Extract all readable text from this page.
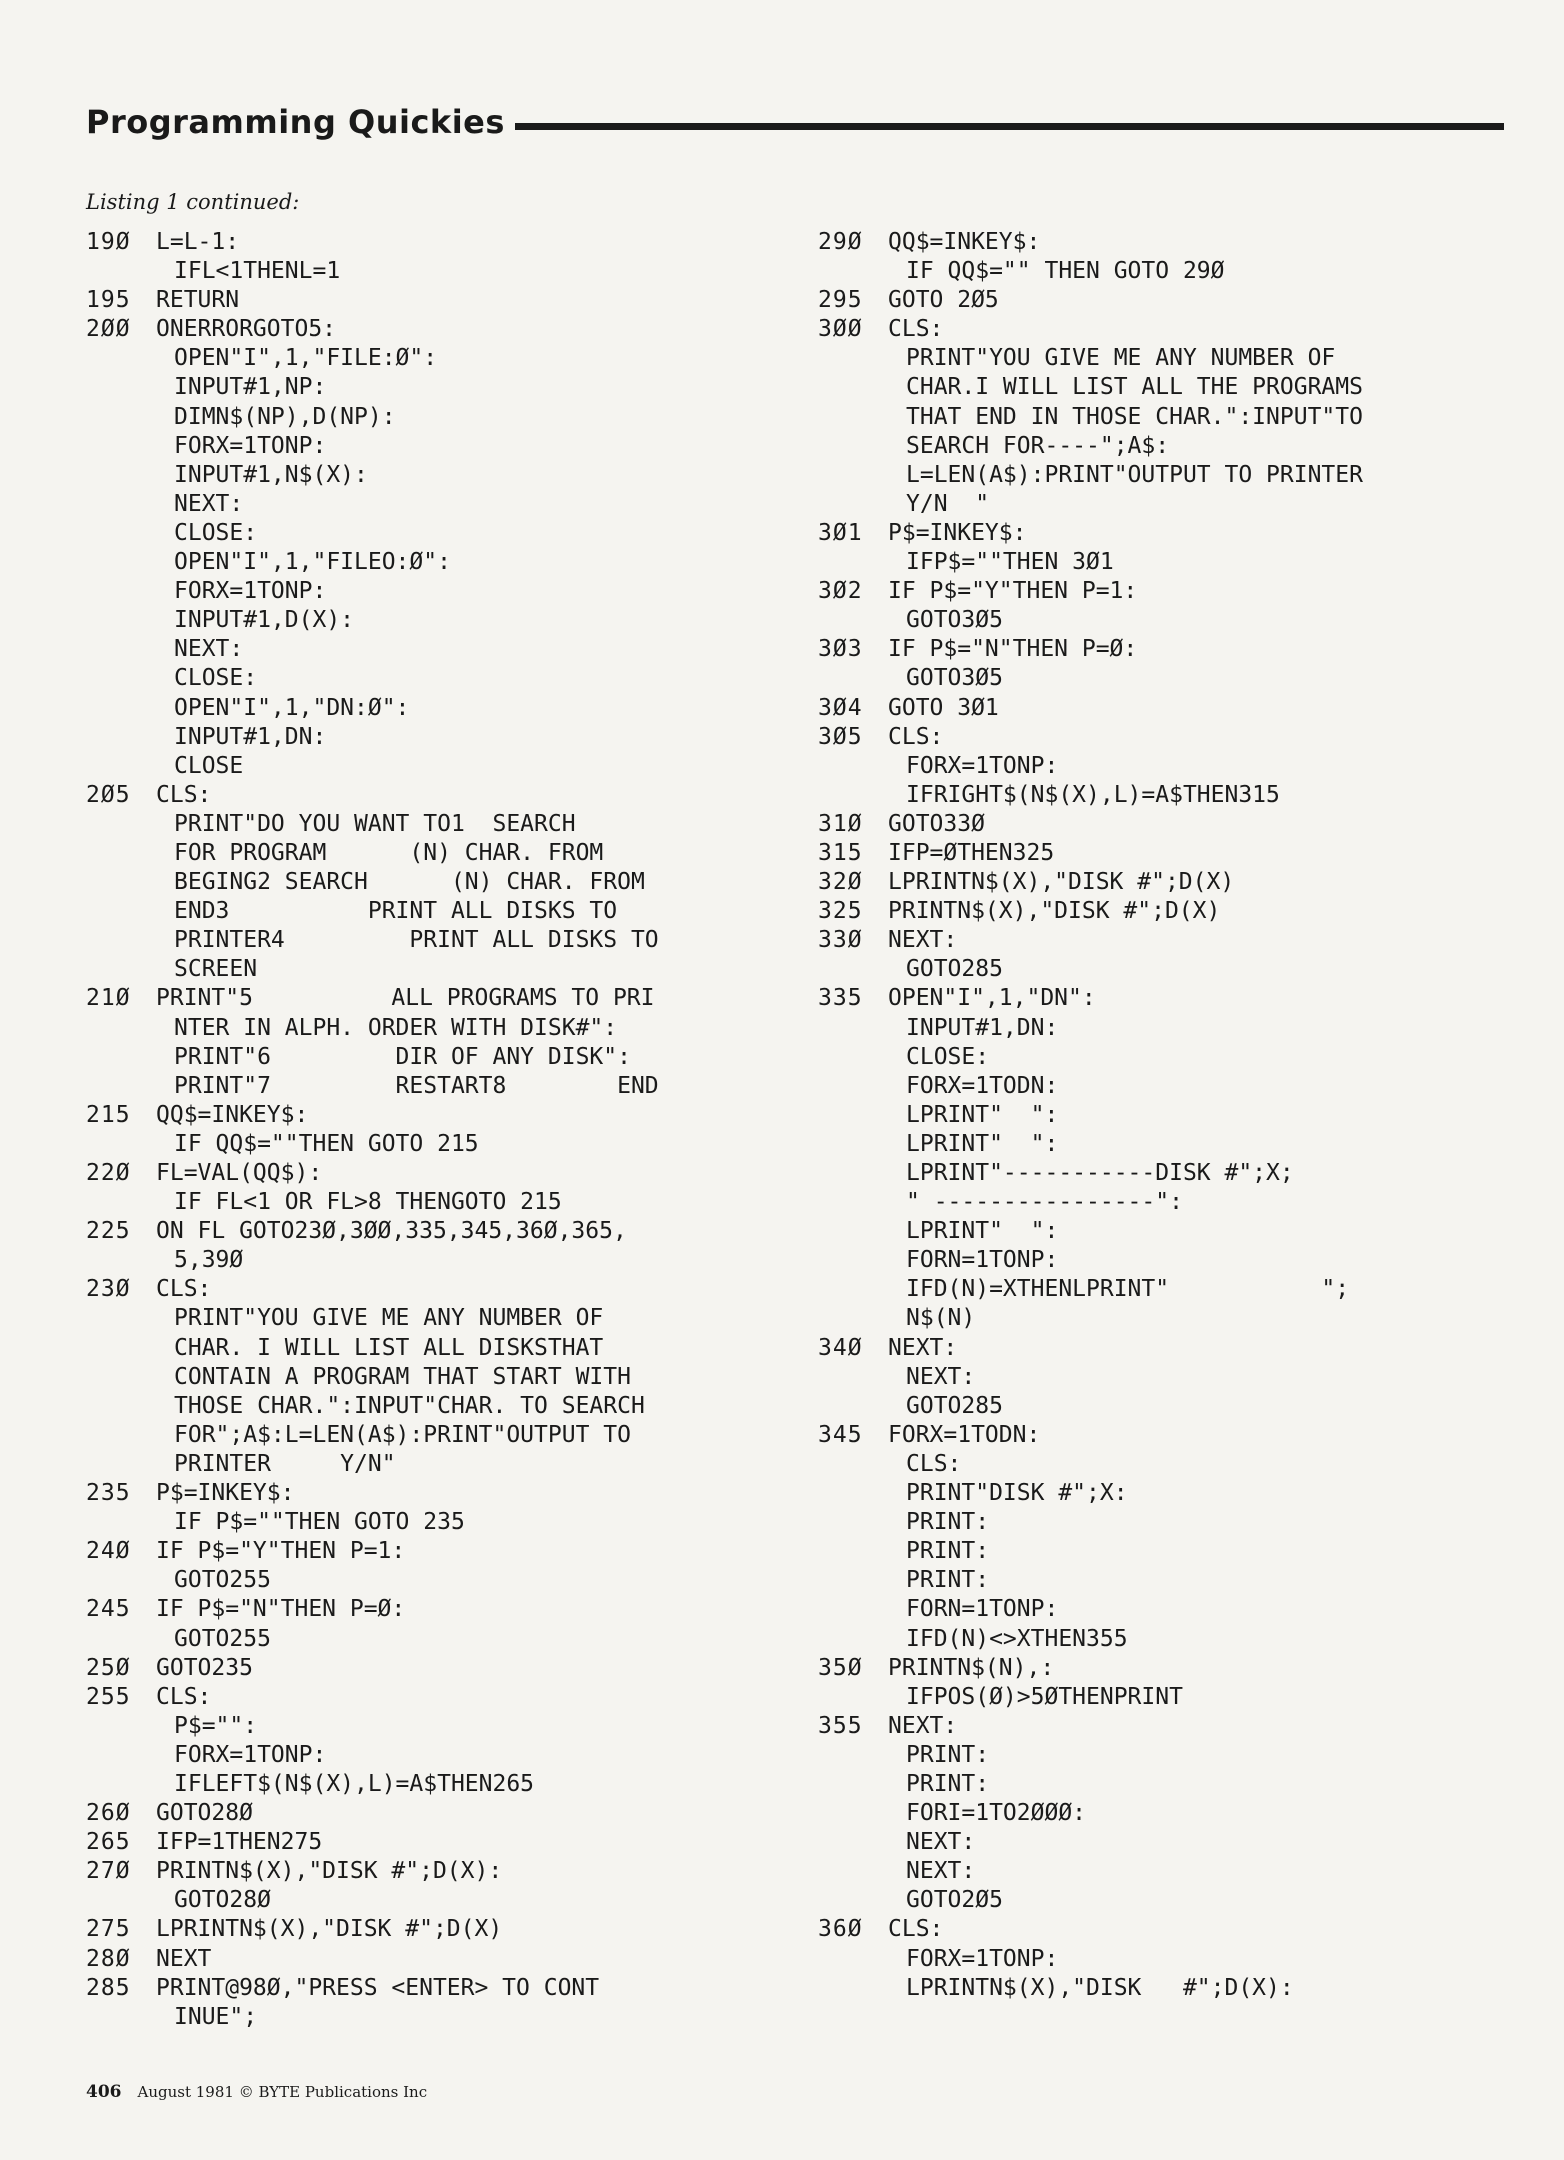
Programming Quickies
Listing 1 continued:
19Ø	L=L-1:
IFL<1THENL=1
195	RETURN
2ØØ	ONERRORGOTO5:
OPEN"I",1,"FILE:Ø":
INPUT#1,NP:
DIMN$(NP),D(NP):
FORX=1TONP:
INPUT#1,N$(X):
NEXT:
CLOSE:
OPEN"I",1,"FILEO:Ø":
FORX=1TONP:
INPUT#1,D(X):
NEXT:
CLOSE:
OPEN"I",1,"DN:Ø":
INPUT#1,DN:
CLOSE
2Ø5	CLS:
PRINT"DO YOU WANT TO1  SEARCH
FOR PROGRAM      (N) CHAR. FROM
BEGING2 SEARCH      (N) CHAR. FROM
END3          PRINT ALL DISKS TO
PRINTER4         PRINT ALL DISKS TO
SCREEN
21Ø	PRINT"5          ALL PROGRAMS TO PRI
NTER IN ALPH. ORDER WITH DISK#":
PRINT"6         DIR OF ANY DISK":
PRINT"7         RESTART8        END
215	QQ$=INKEY$:
IF QQ$=""THEN GOTO 215
22Ø	FL=VAL(QQ$):
IF FL<1 OR FL>8 THENGOTO 215
225	ON FL GOTO23Ø,3ØØ,335,345,36Ø,365,
5,39Ø
23Ø	CLS:
PRINT"YOU GIVE ME ANY NUMBER OF
CHAR. I WILL LIST ALL DISKSTHAT
CONTAIN A PROGRAM THAT START WITH
THOSE CHAR.":INPUT"CHAR. TO SEARCH
FOR";A$:L=LEN(A$):PRINT"OUTPUT TO
PRINTER     Y/N"
235	P$=INKEY$:
IF P$=""THEN GOTO 235
24Ø	IF P$="Y"THEN P=1:
GOTO255
245	IF P$="N"THEN P=Ø:
GOTO255
25Ø	GOTO235
255	CLS:
P$="":
FORX=1TONP:
IFLEFT$(N$(X),L)=A$THEN265
26Ø	GOTO28Ø
265	IFP=1THEN275
27Ø	PRINTN$(X),"DISK #";D(X):
GOTO28Ø
275	LPRINTN$(X),"DISK #";D(X)
28Ø	NEXT
285	PRINT@98Ø,"PRESS <ENTER> TO CONT
INUE";
29Ø	QQ$=INKEY$:
IF QQ$="" THEN GOTO 29Ø
295	GOTO 2Ø5
3ØØ	CLS:
PRINT"YOU GIVE ME ANY NUMBER OF
CHAR.I WILL LIST ALL THE PROGRAMS
THAT END IN THOSE CHAR.":INPUT"TO
SEARCH FOR----";A$:
L=LEN(A$):PRINT"OUTPUT TO PRINTER
Y/N  "
3Ø1	P$=INKEY$:
IFP$=""THEN 3Ø1
3Ø2	IF P$="Y"THEN P=1:
GOTO3Ø5
3Ø3	IF P$="N"THEN P=Ø:
GOTO3Ø5
3Ø4	GOTO 3Ø1
3Ø5	CLS:
FORX=1TONP:
IFRIGHT$(N$(X),L)=A$THEN315
31Ø	GOTO33Ø
315	IFP=ØTHEN325
32Ø	LPRINTN$(X),"DISK #";D(X)
325	PRINTN$(X),"DISK #";D(X)
33Ø	NEXT:
GOTO285
335	OPEN"I",1,"DN":
INPUT#1,DN:
CLOSE:
FORX=1TODN:
LPRINT"  ":
LPRINT"  ":
LPRINT"-----------DISK #";X;
" ----------------":
LPRINT"  ":
FORN=1TONP:
IFD(N)=XTHENLPRINT"           ";
N$(N)
34Ø	NEXT:
NEXT:
GOTO285
345	FORX=1TODN:
CLS:
PRINT"DISK #";X:
PRINT:
PRINT:
PRINT:
FORN=1TONP:
IFD(N)<>XTHEN355
35Ø	PRINTN$(N),:
IFPOS(Ø)>5ØTHENPRINT
355	NEXT:
PRINT:
PRINT:
FORI=1TO2ØØØ:
NEXT:
NEXT:
GOTO2Ø5
36Ø	CLS:
FORX=1TONP:
LPRINTN$(X),"DISK   #";D(X):
406 August 1981 © BYTE Publications Inc
